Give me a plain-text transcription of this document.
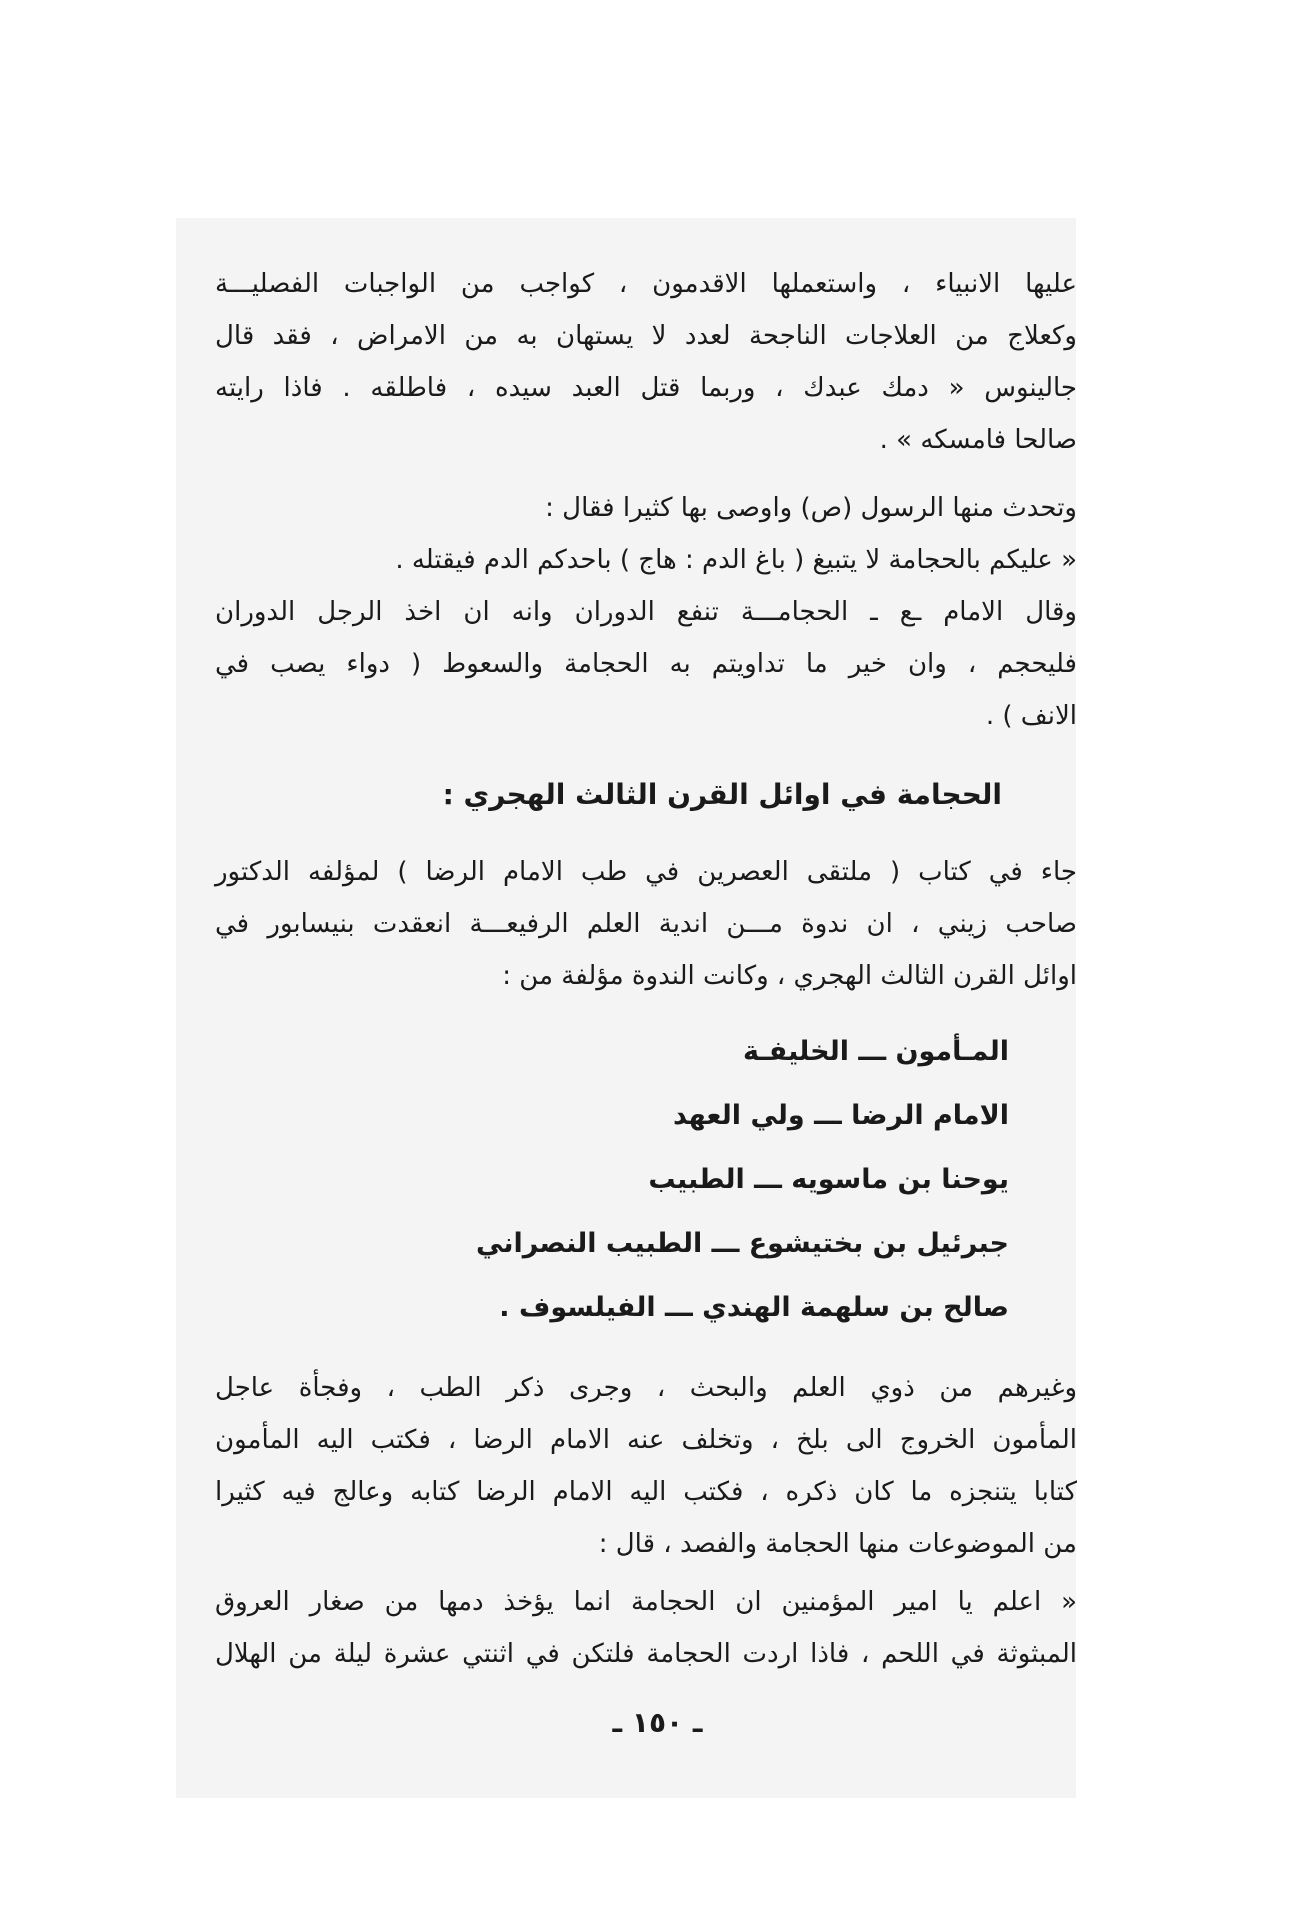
عليها الانبياء ، واستعملها الاقدمون ، كواجب من الواجبات الفصليـــة
وكعلاج من العلاجات الناجحة لعدد لا يستهان به من الامراض ، فقد قال
جالينوس « دمك عبدك ، وربما قتل العبد سيده ، فاطلقه . فاذا رايته
صالحا فامسكه » .
وتحدث منها الرسول (ص) واوصى بها كثيرا فقال :
« عليكم بالحجامة لا يتبيغ ( باغ الدم : هاج ) باحدكم الدم فيقتله .
وقال الامام ـع ـ الحجامـــة تنفع الدوران وانه ان اخذ الرجل الدوران
فليحجم ، وان خير ما تداويتم به الحجامة والسعوط ( دواء يصب في
الانف ) .
الحجامة في اوائل القرن الثالث الهجري :
جاء في كتاب ( ملتقى العصرين في طب الامام الرضا ) لمؤلفه الدكتور
صاحب زيني ، ان ندوة مـــن اندية العلم الرفيعـــة انعقدت بنيسابور في
اوائل القرن الثالث الهجري ، وكانت الندوة مؤلفة من :
المـأمون ـــ الخليفـة
الامام الرضا ـــ ولي العهد
يوحنا بن ماسويه ـــ الطبيب
جبرئيل بن بختيشوع ـــ الطبيب النصراني
صالح بن سلهمة الهندي ـــ الفيلسوف .
وغيرهم من ذوي العلم والبحث ، وجرى ذكر الطب ، وفجأة عاجل
المأمون الخروج الى بلخ ، وتخلف عنه الامام الرضا ، فكتب اليه المأمون
كتابا يتنجزه ما كان ذكره ، فكتب اليه الامام الرضا كتابه وعالج فيه كثيرا
من الموضوعات منها الحجامة والفصد ، قال :
« اعلم يا امير المؤمنين ان الحجامة انما يؤخذ دمها من صغار العروق
المبثوثة في اللحم ، فاذا اردت الحجامة فلتكن في اثنتي عشرة ليلة من الهلال
ـ ١٥٠ ـ
